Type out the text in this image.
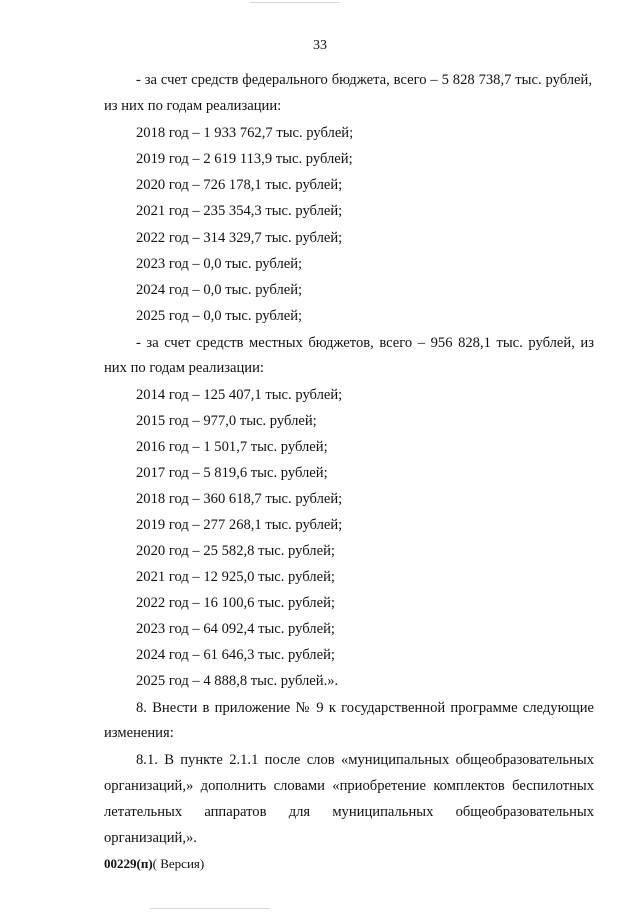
33
- за счет средств федерального бюджета, всего – 5 828 738,7 тыс. рублей,
из них по годам реализации:
2018 год – 1 933 762,7 тыс. рублей;
2019 год – 2 619 113,9 тыс. рублей;
2020 год – 726 178,1 тыс. рублей;
2021 год – 235 354,3 тыс. рублей;
2022 год – 314 329,7 тыс. рублей;
2023 год – 0,0 тыс. рублей;
2024 год – 0,0 тыс. рублей;
2025 год – 0,0 тыс. рублей;
- за счет средств местных бюджетов, всего – 956 828,1 тыс. рублей, из
них по годам реализации:
2014 год – 125 407,1 тыс. рублей;
2015 год – 977,0 тыс. рублей;
2016 год – 1 501,7 тыс. рублей;
2017 год – 5 819,6 тыс. рублей;
2018 год – 360 618,7 тыс. рублей;
2019 год – 277 268,1 тыс. рублей;
2020 год – 25 582,8 тыс. рублей;
2021 год – 12 925,0 тыс. рублей;
2022 год – 16 100,6 тыс. рублей;
2023 год – 64 092,4 тыс. рублей;
2024 год – 61 646,3 тыс. рублей;
2025 год – 4 888,8 тыс. рублей.».
8. Внести в приложение № 9 к государственной программе следующие
изменения:
8.1. В пункте 2.1.1 после слов «муниципальных общеобразовательных
организаций,» дополнить словами «приобретение комплектов беспилотных
летательных аппаратов для муниципальных общеобразовательных
организаций,».
00229(п)( Версия)
